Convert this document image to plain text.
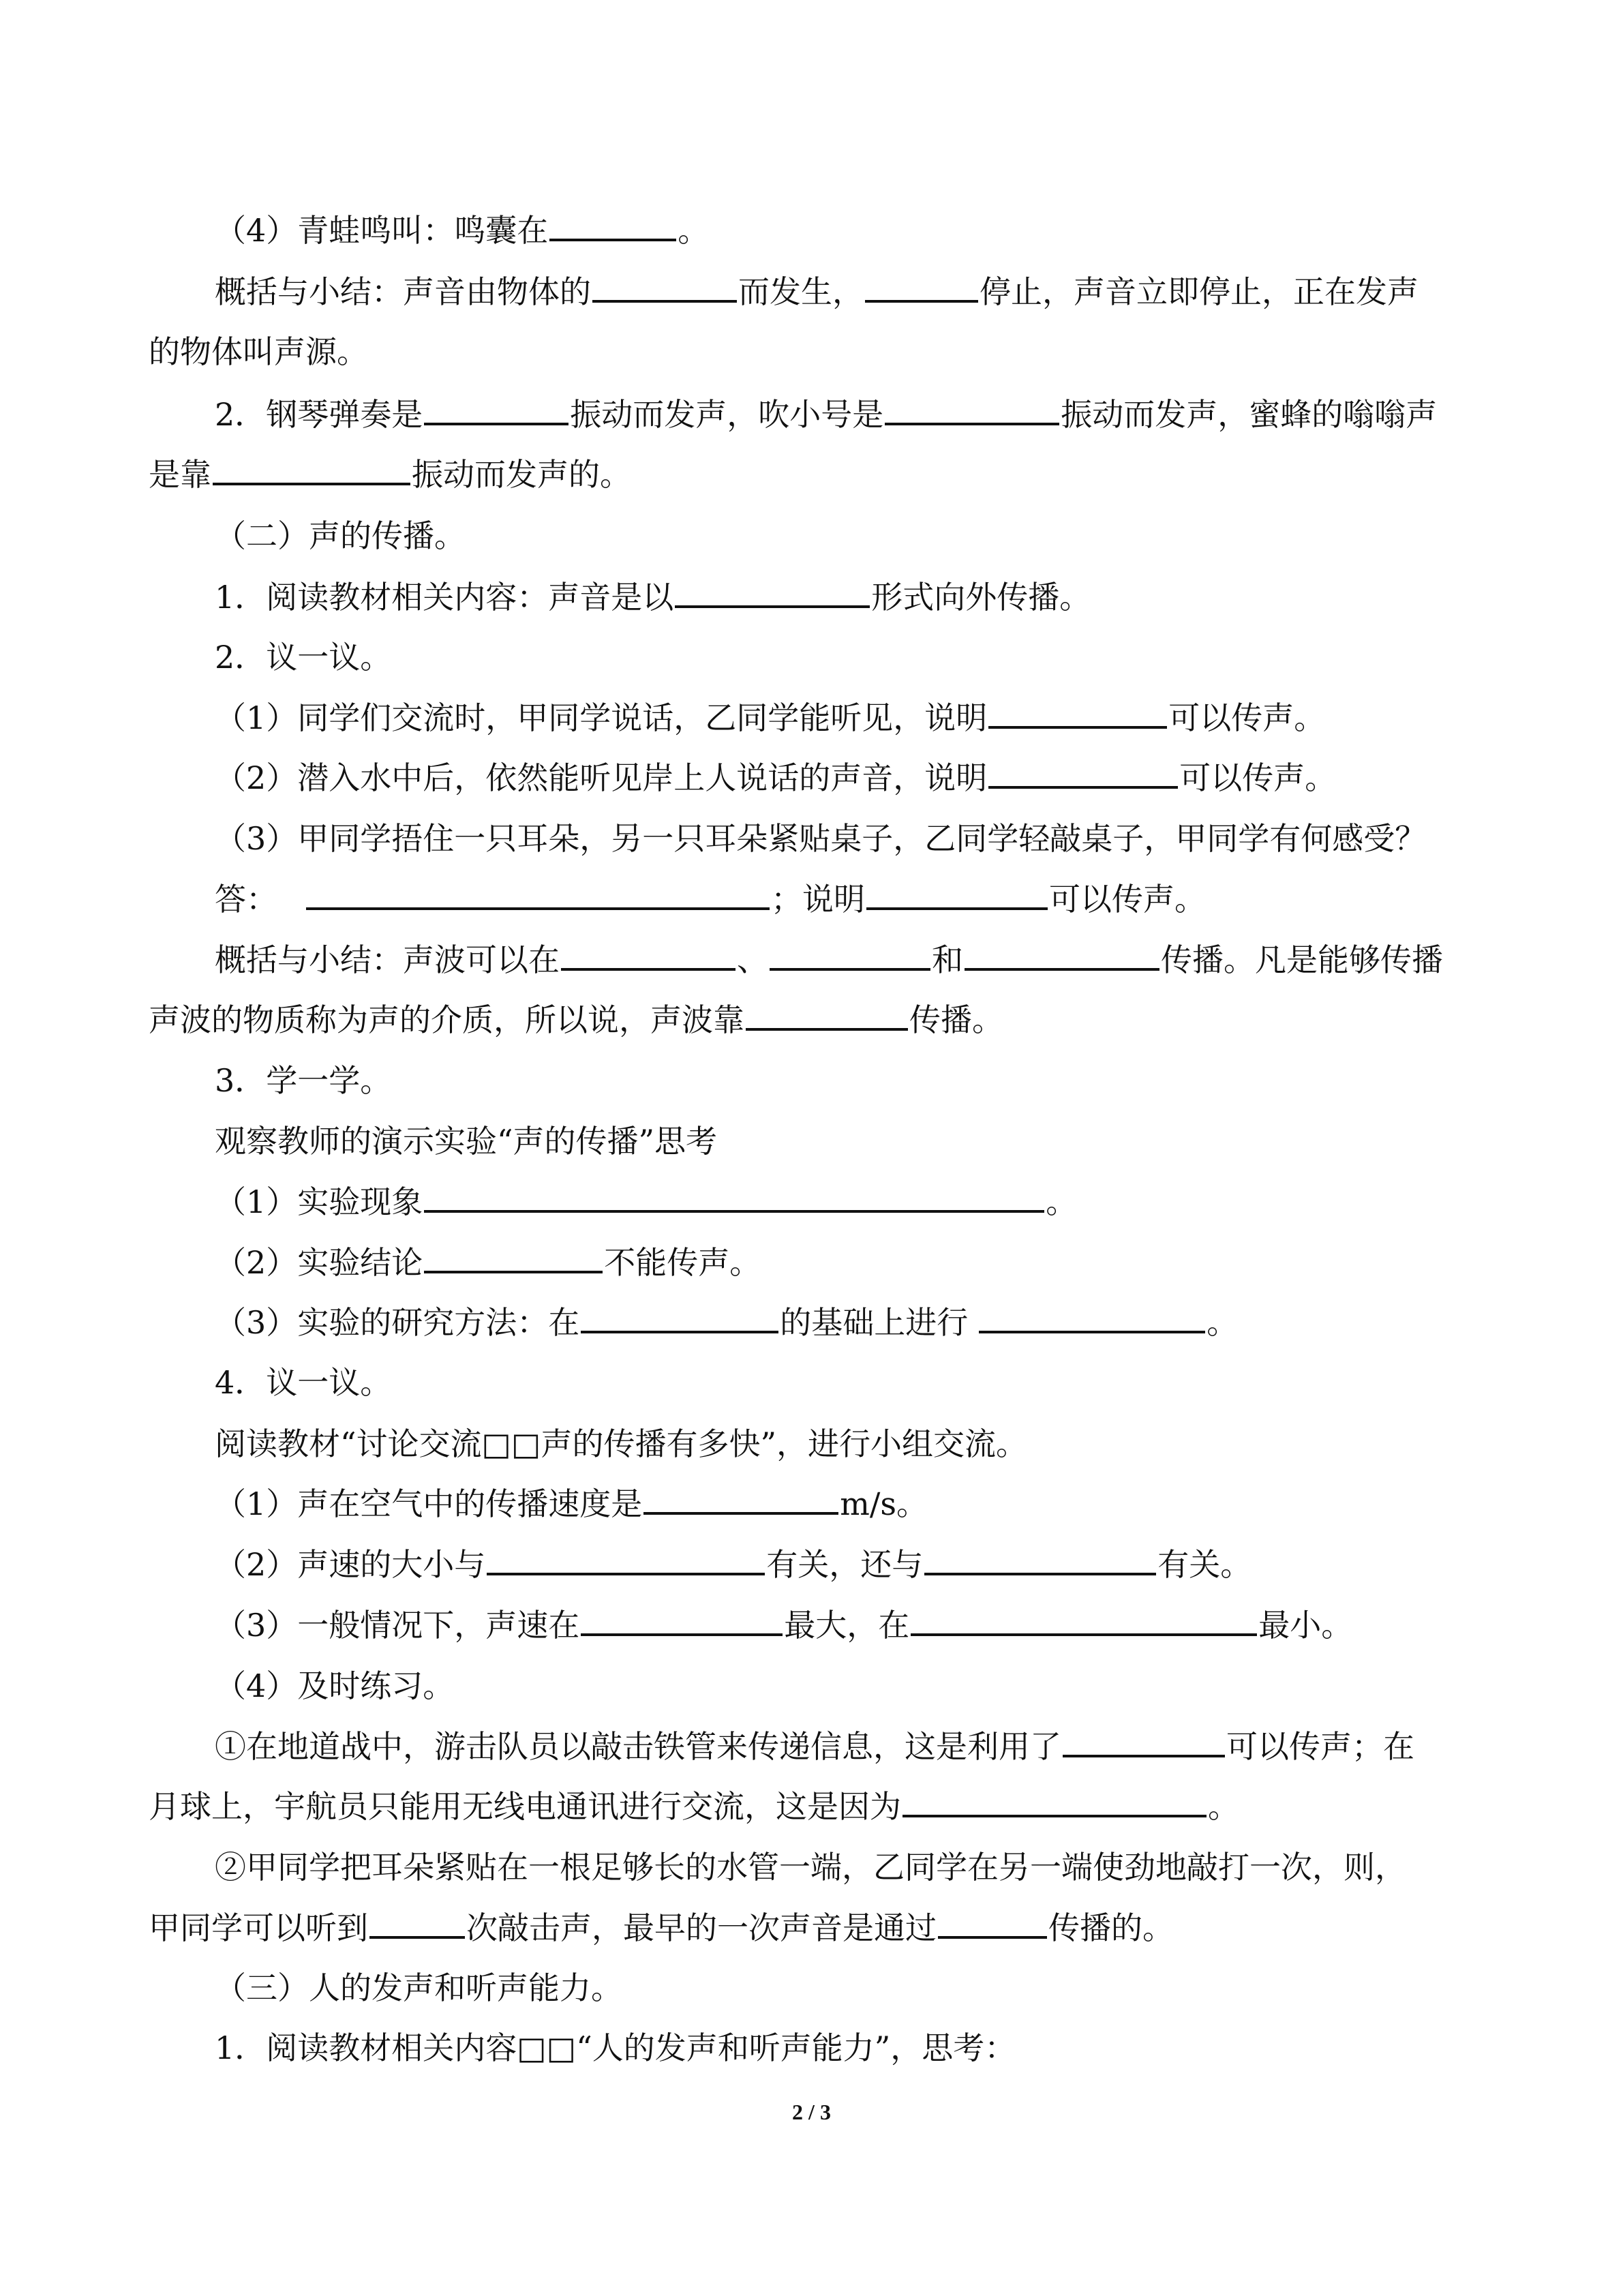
（4）青蛙鸣叫：鸣囊在	。
概括与小结：声音由物体的	而发生，	停止，声音立即停止，正在发声
的物体叫声源。
2．钢琴弹奏是	振动而发声，吹小号是	振动而发声，蜜蜂的嗡嗡声
是靠	振动而发声的。
（二）声的传播。
1．阅读教材相关内容：声音是以	形式向外传播。
2．议一议。
（1）同学们交流时，甲同学说话，乙同学能听见，说明	可以传声。
（2）潜入水中后，依然能听见岸上人说话的声音，说明	可以传声。
（3）甲同学捂住一只耳朵，另一只耳朵紧贴桌子，乙同学轻敲桌子，甲同学有何感受？
答：	；说明	可以传声。
概括与小结：声波可以在	、	和	传播。凡是能够传播
声波的物质称为声的介质，所以说，声波靠	传播。
3．学一学。
观察教师的演示实验“声的传播”思考
（1）实验现象	。
（2）实验结论	不能传声。
（3）实验的研究方法：在	的基础上进行	。
4．议一议。
阅读教材“讨论交流□□声的传播有多快”，进行小组交流。
（1）声在空气中的传播速度是	m/s。
（2）声速的大小与	有关，还与	有关。
（3）一般情况下，声速在	最大，在	最小。
（4）及时练习。
①在地道战中，游击队员以敲击铁管来传递信息，这是利用了	可以传声；在
月球上，宇航员只能用无线电通讯进行交流，这是因为	。
②甲同学把耳朵紧贴在一根足够长的水管一端，乙同学在另一端使劲地敲打一次，则，
甲同学可以听到	次敲击声，最早的一次声音是通过	传播的。
（三）人的发声和听声能力。
1．阅读教材相关内容□□“人的发声和听声能力”，思考：
2 / 3
